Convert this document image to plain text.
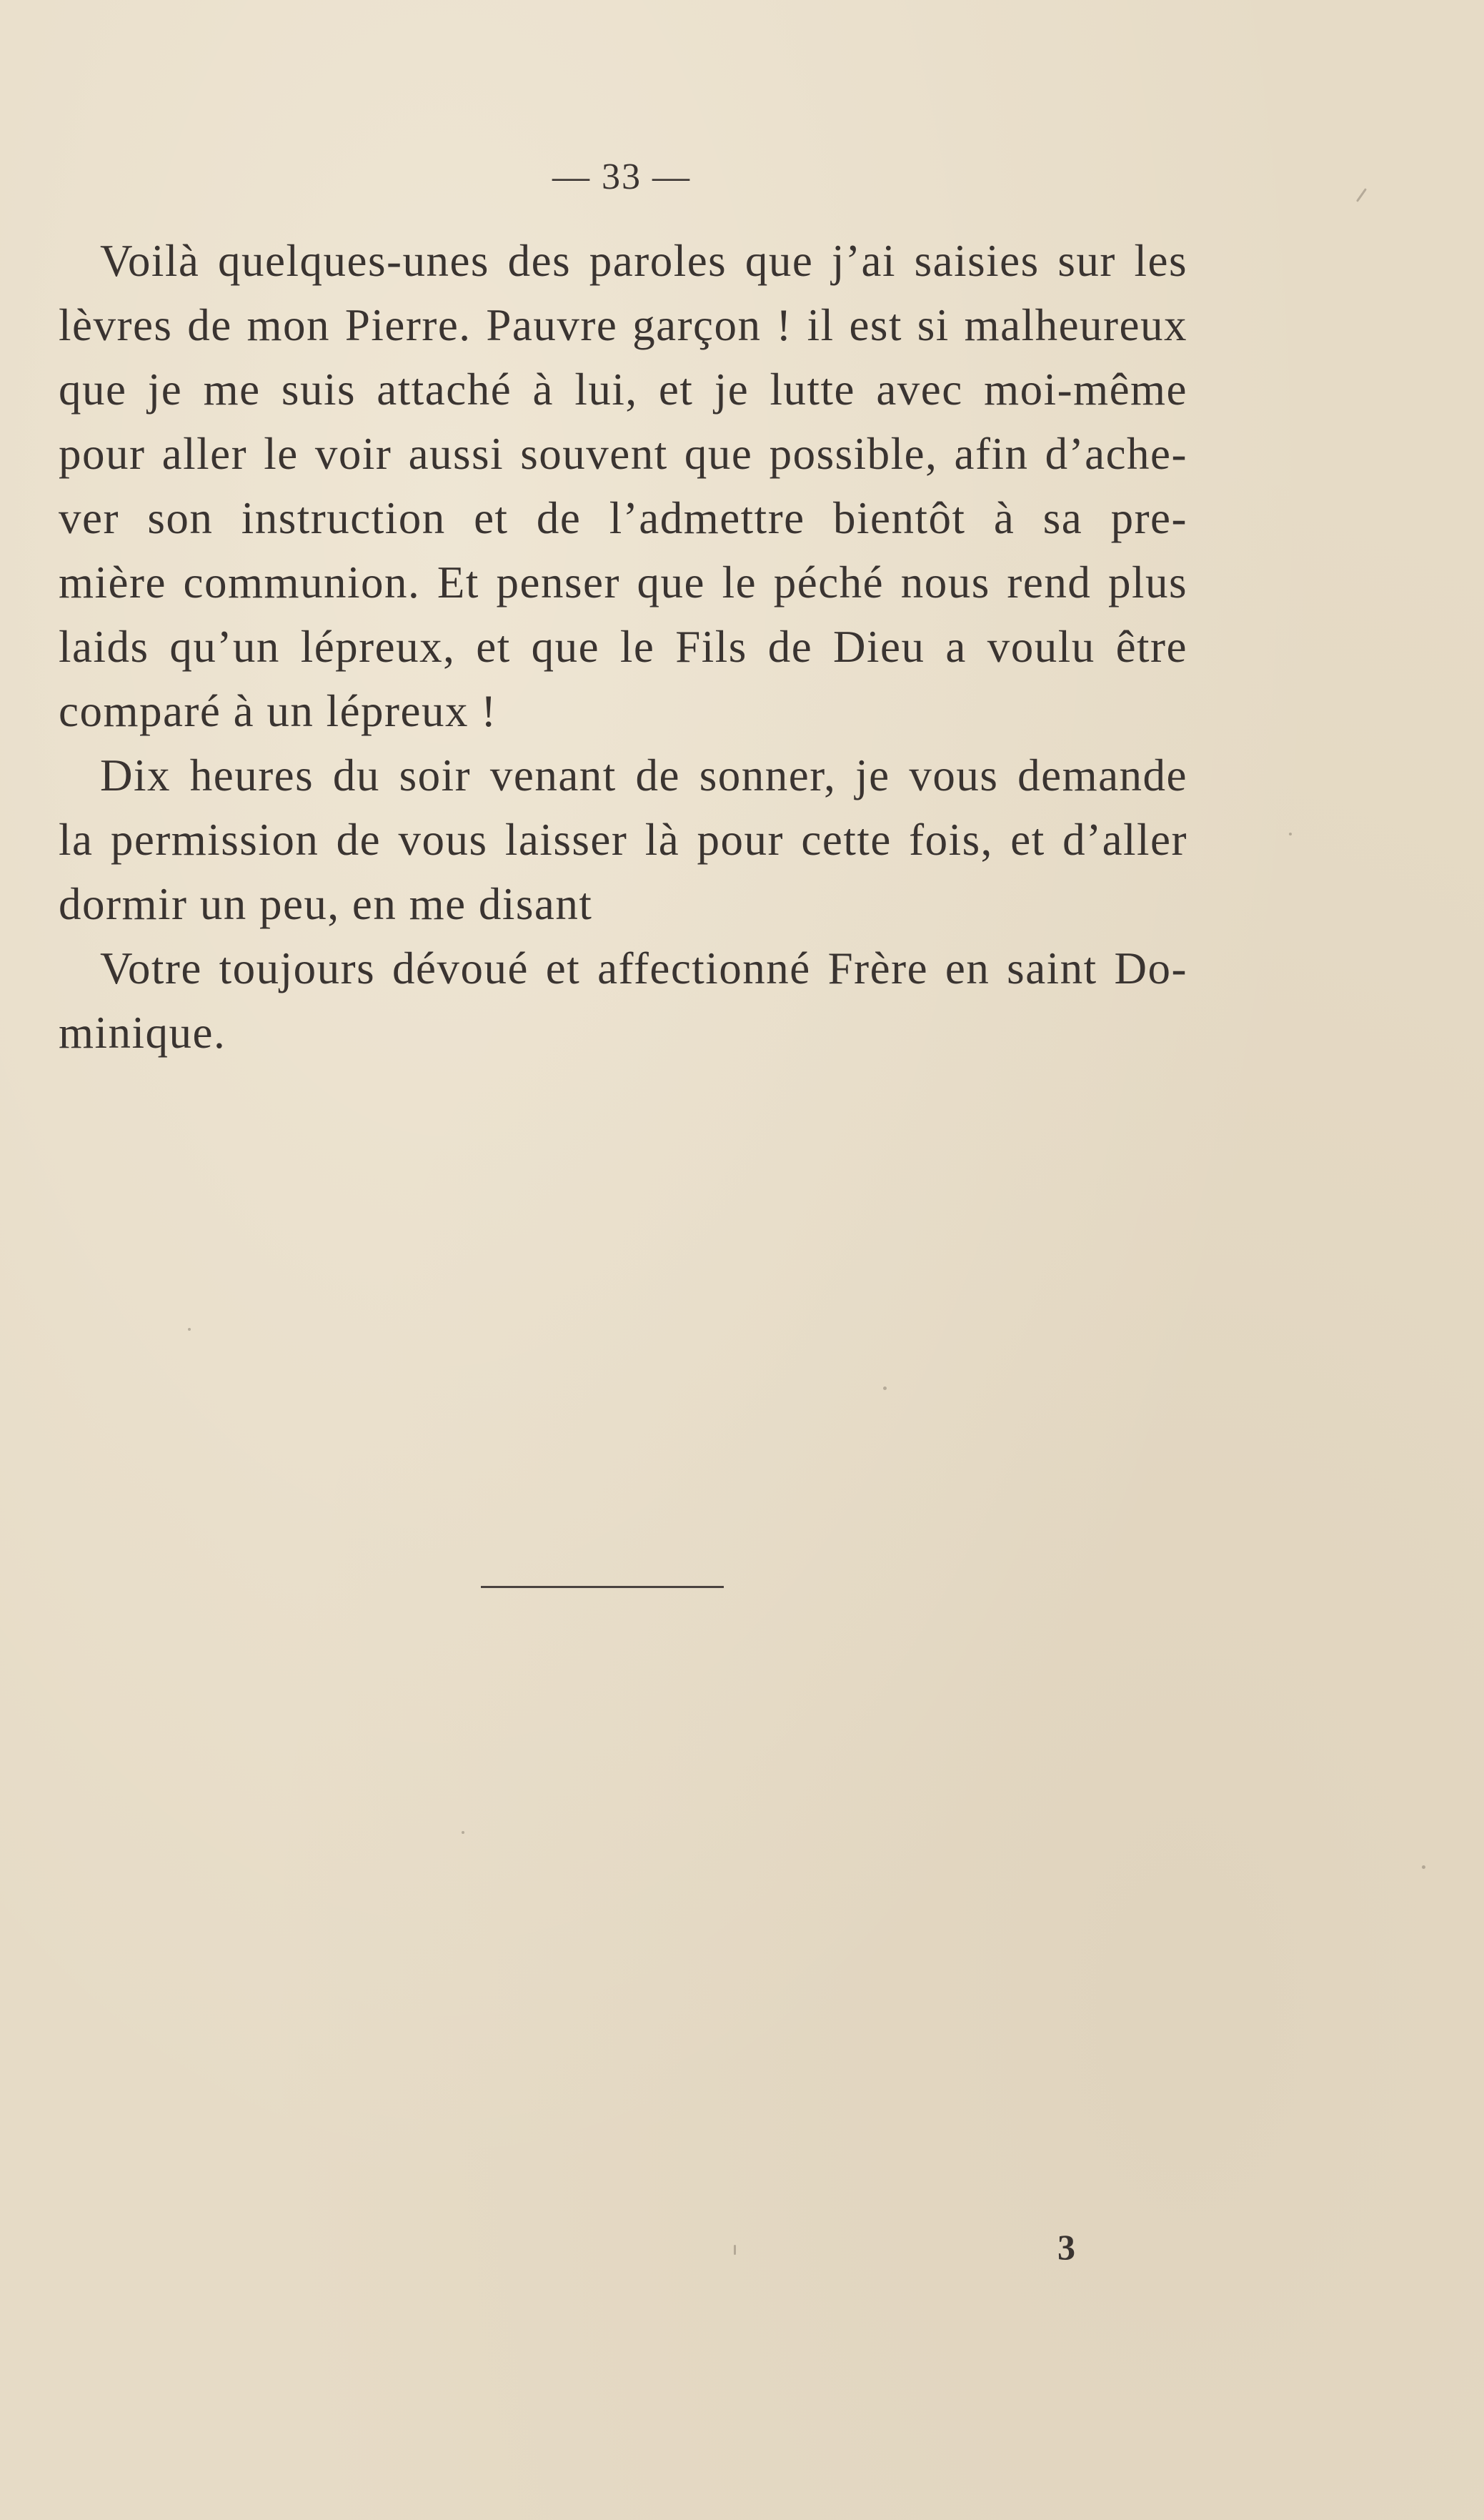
— 33 —
Voilà quelques-unes des paroles que j’ai saisies sur les
lèvres de mon Pierre. Pauvre garçon ! il est si malheureux
que je me suis attaché à lui, et je lutte avec moi-même
pour aller le voir aussi souvent que possible, afin d’ache-
ver son instruction et de l’admettre bientôt à sa pre-
mière communion. Et penser que le péché nous rend plus
laids qu’un lépreux, et que le Fils de Dieu a voulu être
comparé à un lépreux !
Dix heures du soir venant de sonner, je vous demande
la permission de vous laisser là pour cette fois, et d’aller
dormir un peu, en me disant
Votre toujours dévoué et affectionné Frère en saint Do-
minique.
3
